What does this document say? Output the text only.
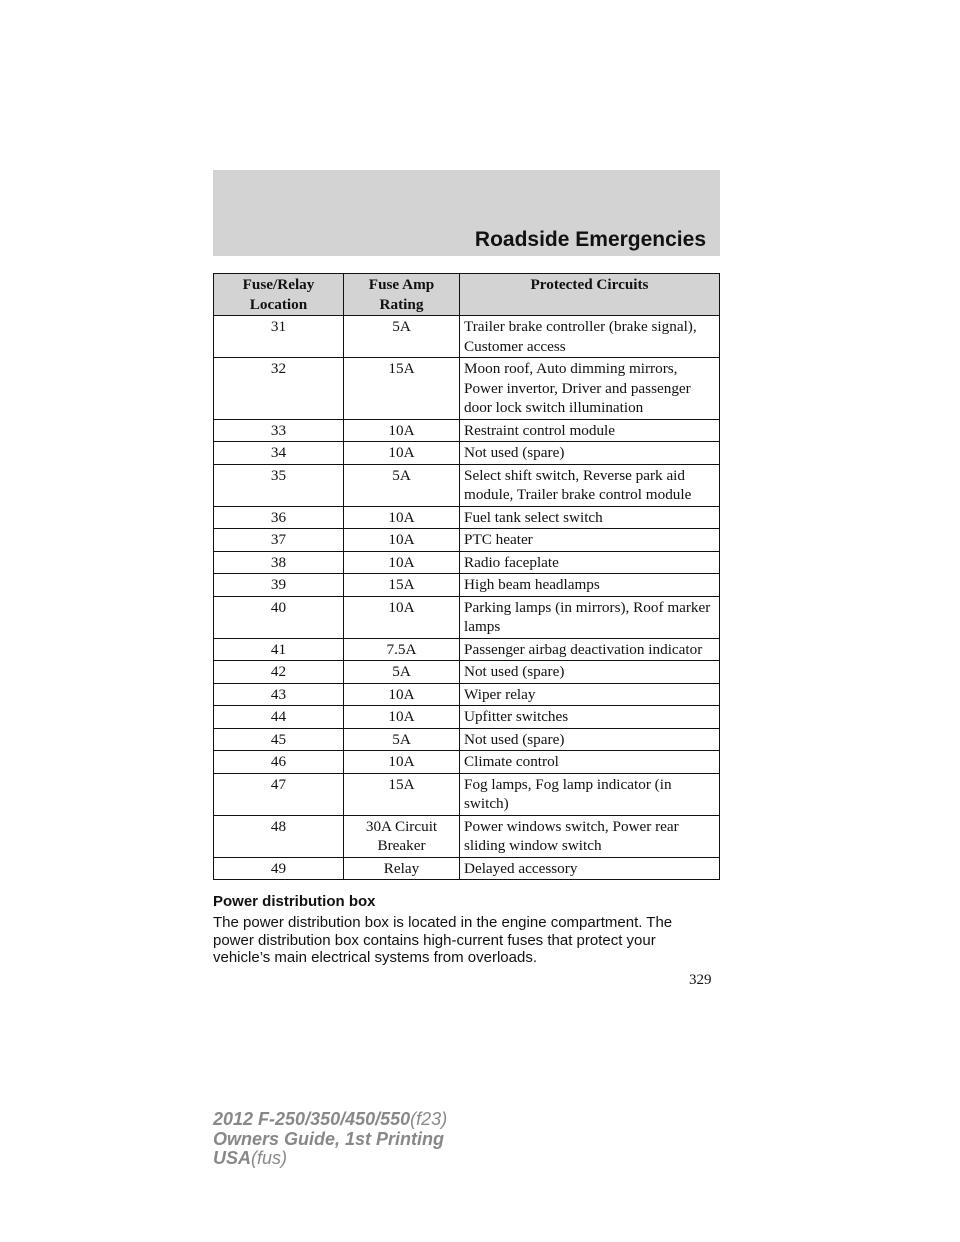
Roadside Emergencies
Fuse/Relay Location	Fuse Amp Rating	Protected Circuits
31	5A	Trailer brake controller (brake signal), Customer access
32	15A	Moon roof, Auto dimming mirrors, Power invertor, Driver and passenger door lock switch illumination
33	10A	Restraint control module
34	10A	Not used (spare)
35	5A	Select shift switch, Reverse park aid module, Trailer brake control module
36	10A	Fuel tank select switch
37	10A	PTC heater
38	10A	Radio faceplate
39	15A	High beam headlamps
40	10A	Parking lamps (in mirrors), Roof marker lamps
41	7.5A	Passenger airbag deactivation indicator
42	5A	Not used (spare)
43	10A	Wiper relay
44	10A	Upfitter switches
45	5A	Not used (spare)
46	10A	Climate control
47	15A	Fog lamps, Fog lamp indicator (in switch)
48	30A Circuit Breaker	Power windows switch, Power rear sliding window switch
49	Relay	Delayed accessory
Power distribution box

The power distribution box is located in the engine compartment. The power distribution box contains high-current fuses that protect your vehicle’s main electrical systems from overloads.

329

2012 F-250/350/450/550(f23)
Owners Guide, 1st Printing
USA(fus)
